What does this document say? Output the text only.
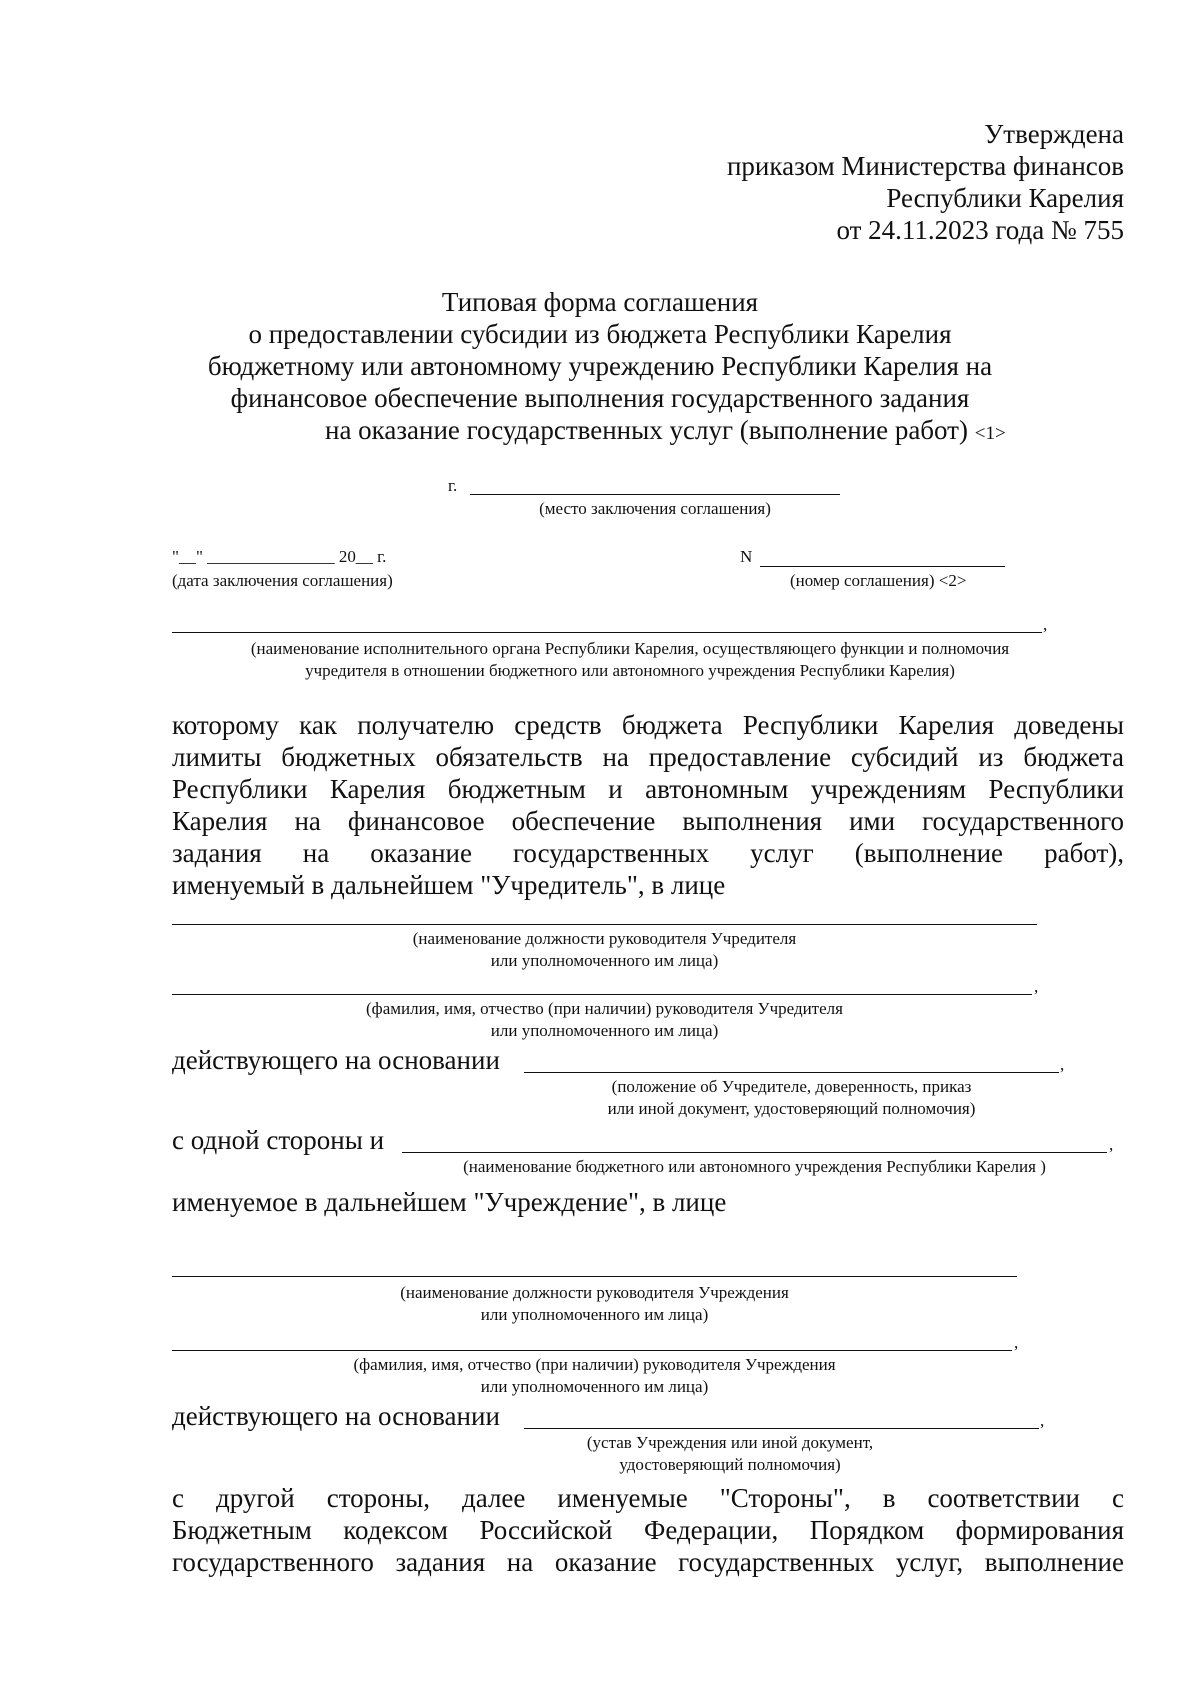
Утверждена
приказом Министерства финансов
Республики Карелия
от 24.11.2023 года № 755
Типовая форма соглашения
о предоставлении субсидии из бюджета Республики Карелия
бюджетному или автономному учреждению Республики Карелия на
финансовое обеспечение выполнения государственного задания
на оказание государственных услуг (выполнение работ) <1>
г.
(место заключения соглашения)
"__" _______________ 20__ г.
(дата заключения соглашения)
N
(номер соглашения) <2>
,
(наименование исполнительного органа Республики Карелия, осуществляющего функции и полномочия
учредителя в отношении бюджетного или автономного учреждения Республики Карелия)
которому как получателю средств бюджета Республики Карелия доведены
лимиты бюджетных обязательств на предоставление субсидий из бюджета
Республики Карелия бюджетным и автономным учреждениям Республики
Карелия на финансовое обеспечение выполнения ими государственного
задания на оказание государственных услуг (выполнение работ),
именуемый в дальнейшем "Учредитель", в лице
(наименование должности руководителя Учредителя
или уполномоченного им лица)
,
(фамилия, имя, отчество (при наличии) руководителя Учредителя
или уполномоченного им лица)
действующего на основании	,
(положение об Учредителе, доверенность, приказ
или иной документ, удостоверяющий полномочия)
с одной стороны и	,
(наименование бюджетного или автономного учреждения Республики Карелия )
именуемое в дальнейшем "Учреждение", в лице
(наименование должности руководителя Учреждения
или уполномоченного им лица)
,
(фамилия, имя, отчество (при наличии) руководителя Учреждения
или уполномоченного им лица)
действующего на основании	,
(устав Учреждения или иной документ,
удостоверяющий полномочия)
с другой стороны, далее именуемые "Стороны", в соответствии с
Бюджетным кодексом Российской Федерации, Порядком формирования
государственного задания на оказание государственных услуг, выполнение
